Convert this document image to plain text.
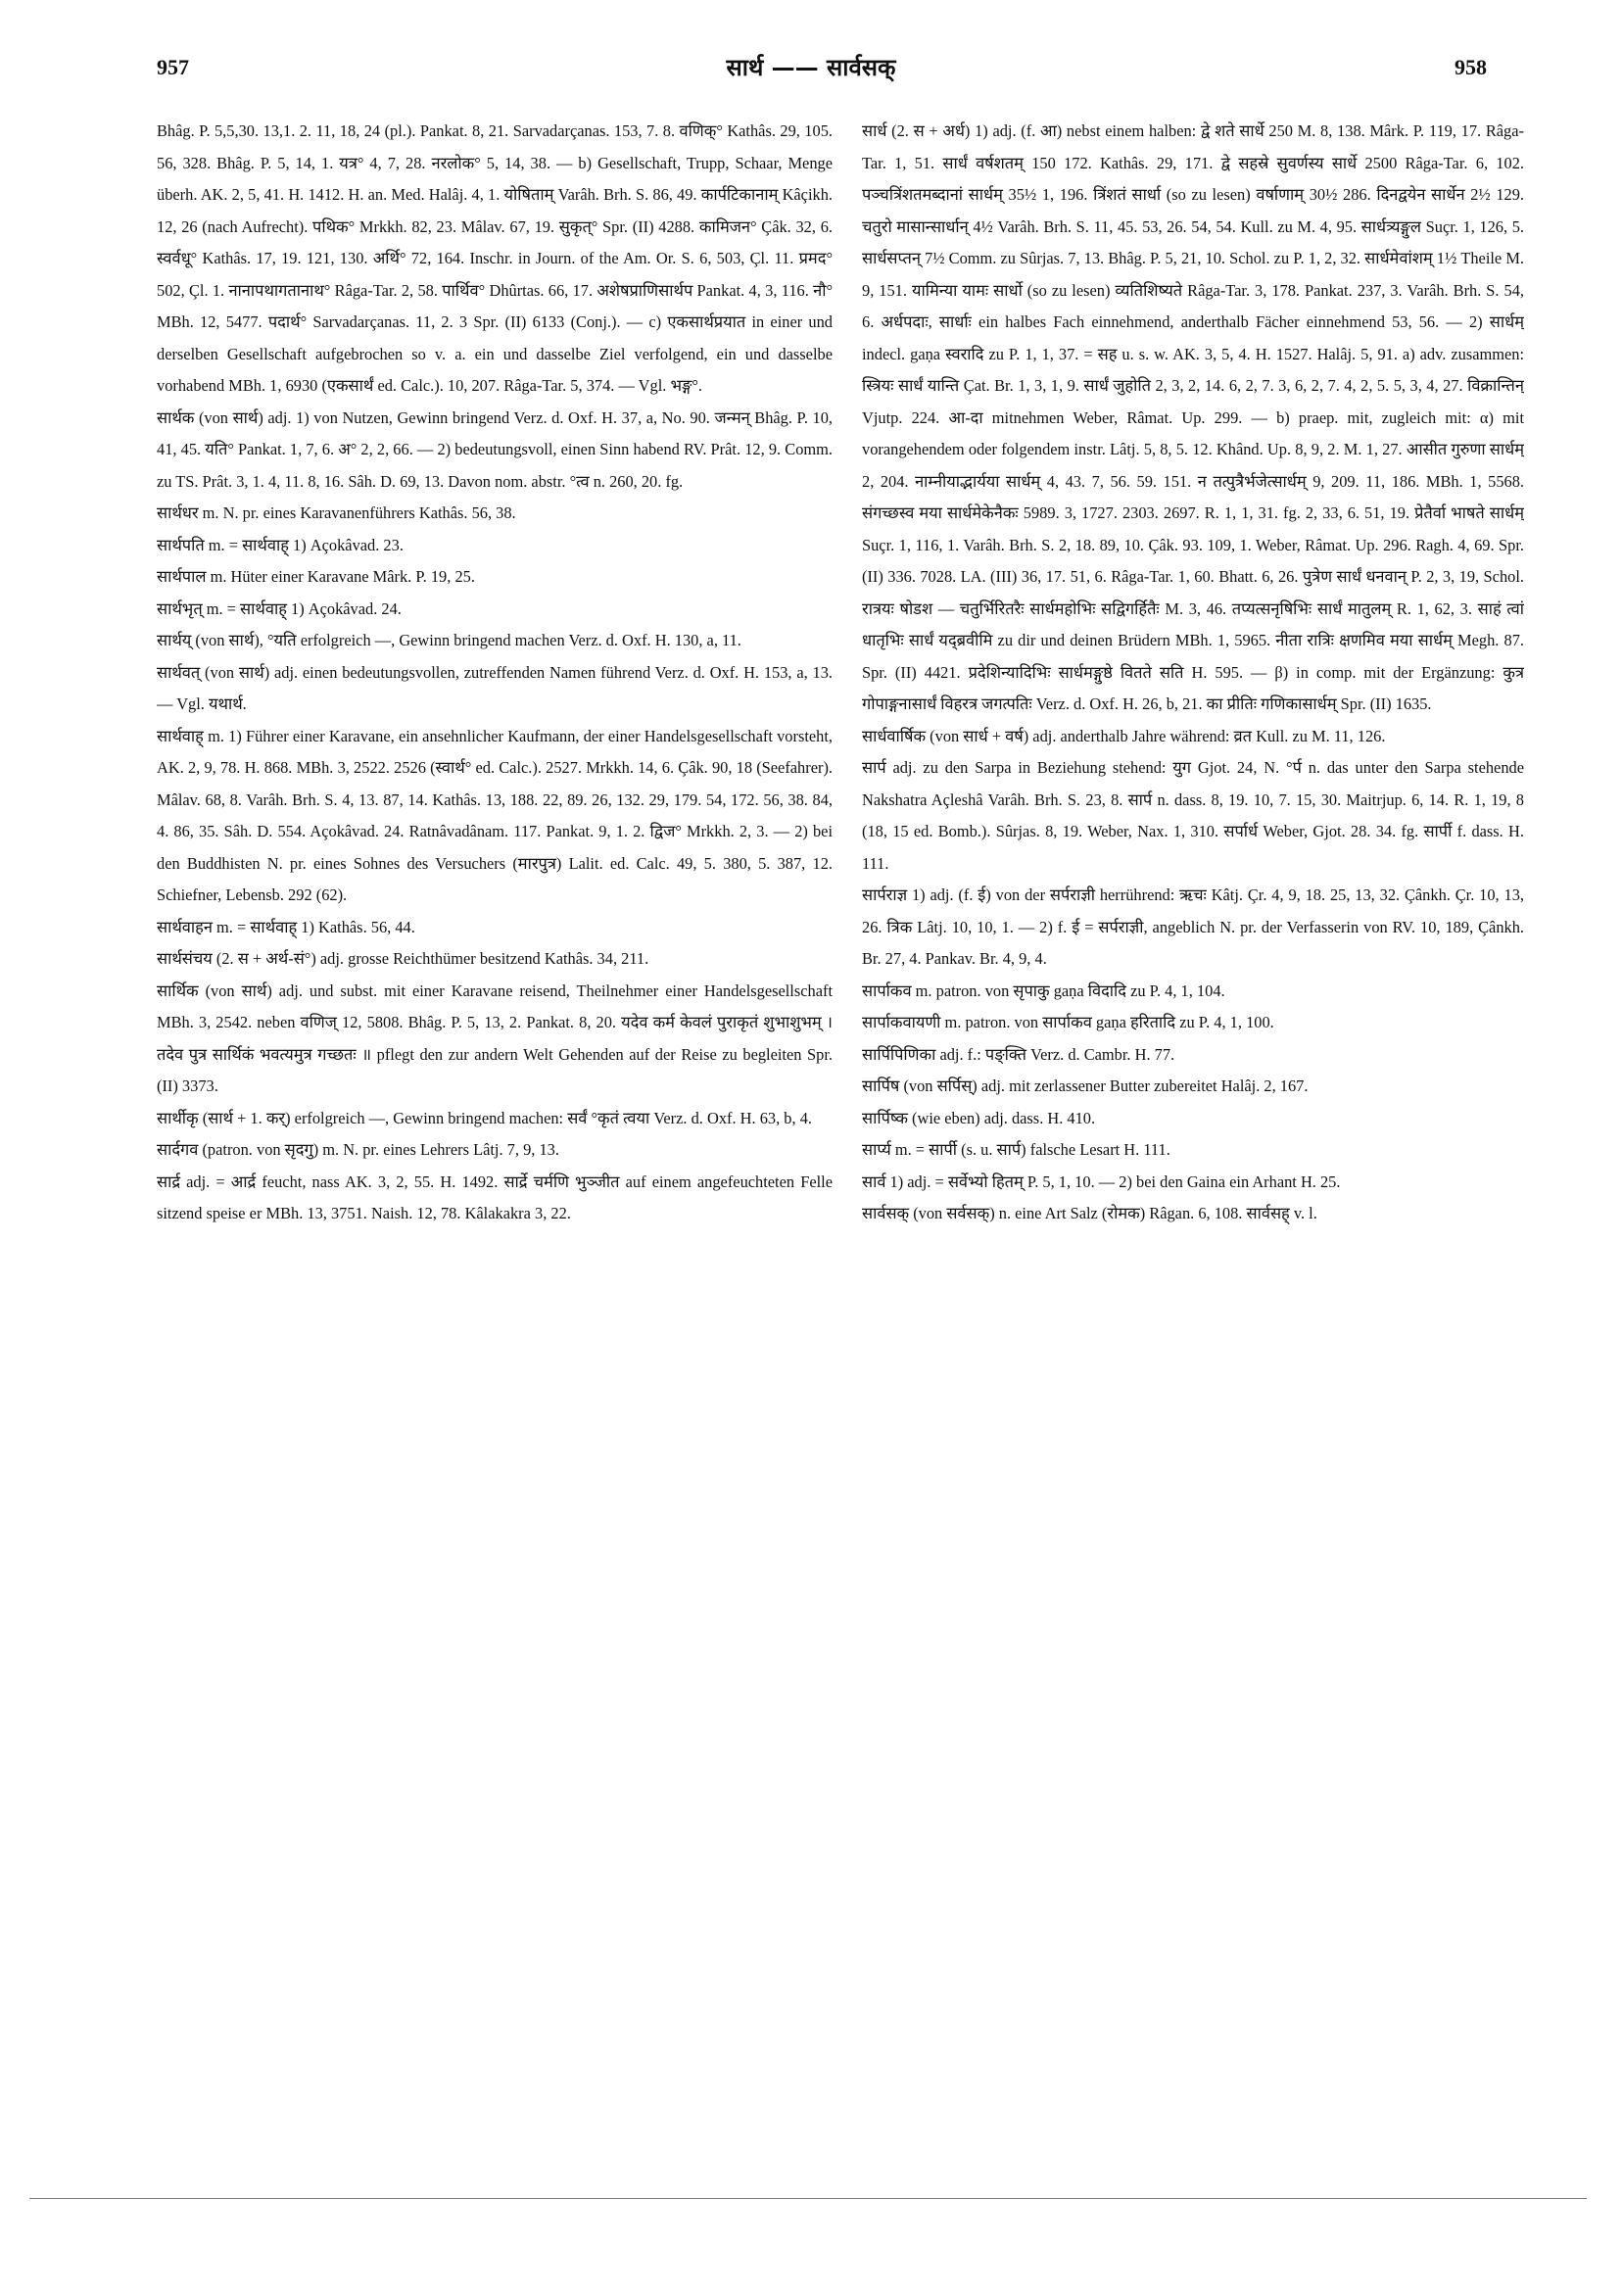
957	सार्थ —— सार्वसक्	958

Bhâg. P. 5,5,30. 13,1. 2. 11, 18, 24 (pl.). Pankat. 8, 21. Sarvadarçanas. 153, 7. 8. वणिक्° Kathâs. 29, 105. 56, 328. Bhâg. P. 5, 14, 1. यत्र° 4, 7, 28. नरलोक° 5, 14, 38. — b) Gesellschaft, Trupp, Schaar, Menge überh. AK. 2, 5, 41. H. 1412. H. an. Med. Halâj. 4, 1. योषिताम् Varâh. Brh. S. 86, 49. कार्पटिकानाम् Kâçikh. 12, 26 (nach Aufrecht). पथिक° Mrkkh. 82, 23. Mâlav. 67, 19. सुकृत्° Spr. (II) 4288. कामिजन° Çâk. 32, 6. स्वर्वधू° Kathâs. 17, 19. 121, 130. अर्थि° 72, 164. Inschr. in Journ. of the Am. Or. S. 6, 503, Çl. 11. प्रमद° 502, Çl. 1. नानापथागतानाथ° Râga-Tar. 2, 58. पार्थिव° Dhûrtas. 66, 17. अशेषप्राणिसार्थप Pankat. 4, 3, 116. नौ° MBh. 12, 5477. पदार्थ° Sarvadarçanas. 11, 2. 3 Spr. (II) 6133 (Conj.). — c) एकसार्थप्रयात in einer und derselben Gesellschaft aufgebrochen so v. a. ein und dasselbe Ziel verfolgend, ein und dasselbe vorhabend MBh. 1, 6930 (एकसार्थं ed. Calc.). 10, 207. Râga-Tar. 5, 374. — Vgl. भङ्ग°.

सार्थक (von सार्थ) adj. 1) von Nutzen, Gewinn bringend Verz. d. Oxf. H. 37, a, No. 90. जन्मन् Bhâg. P. 10, 41, 45. यति° Pankat. 1, 7, 6. अ° 2, 2, 66. — 2) bedeutungsvoll, einen Sinn habend RV. Prât. 12, 9. Comm. zu TS. Prât. 3, 1. 4, 11. 8, 16. Sâh. D. 69, 13. Davon nom. abstr. °त्व n. 260, 20. fg.

सार्थधर m. N. pr. eines Karavanenführers Kathâs. 56, 38.

सार्थपति m. = सार्थवाह् 1) Açokâvad. 23.

सार्थपाल m. Hüter einer Karavane Mârk. P. 19, 25.

सार्थभृत् m. = सार्थवाह् 1) Açokâvad. 24.

सार्थय् (von सार्थ), °यति erfolgreich —, Gewinn bringend machen Verz. d. Oxf. H. 130, a, 11.

सार्थवत् (von सार्थ) adj. einen bedeutungsvollen, zutreffenden Namen führend Verz. d. Oxf. H. 153, a, 13. — Vgl. यथार्थ.

सार्थवाह् m. 1) Führer einer Karavane, ein ansehnlicher Kaufmann, der einer Handelsgesellschaft vorsteht, AK. 2, 9, 78. H. 868. MBh. 3, 2522. 2526 (स्वार्थ° ed. Calc.). 2527. Mrkkh. 14, 6. Çâk. 90, 18 (Seefahrer). Mâlav. 68, 8. Varâh. Brh. S. 4, 13. 87, 14. Kathâs. 13, 188. 22, 89. 26, 132. 29, 179. 54, 172. 56, 38. 84, 4. 86, 35. Sâh. D. 554. Açokâvad. 24. Ratnâvadânam. 117. Pankat. 9, 1. 2. द्विज° Mrkkh. 2, 3. — 2) bei den Buddhisten N. pr. eines Sohnes des Versuchers (मारपुत्र) Lalit. ed. Calc. 49, 5. 380, 5. 387, 12. Schiefner, Lebensb. 292 (62).

सार्थवाहन m. = सार्थवाह् 1) Kathâs. 56, 44.

सार्थसंचय (2. स + अर्थ-सं°) adj. grosse Reichthümer besitzend Kathâs. 34, 211.

सार्थिक (von सार्थ) adj. und subst. mit einer Karavane reisend, Theilnehmer einer Handelsgesellschaft MBh. 3, 2542. neben वणिज् 12, 5808. Bhâg. P. 5, 13, 2. Pankat. 8, 20. यदेव कर्म केवलं पुराकृतं शुभाशुभम् । तदेव पुत्र सार्थिकं भवत्यमुत्र गच्छतः ॥ pflegt den zur andern Welt Gehenden auf der Reise zu begleiten Spr. (II) 3373.

सार्थीकृ (सार्थ + 1. कर्) erfolgreich —, Gewinn bringend machen: सर्वं °कृतं त्वया Verz. d. Oxf. H. 63, b, 4.

सार्दगव (patron. von सृदगु) m. N. pr. eines Lehrers Lâtj. 7, 9, 13.

सार्द्र adj. = आर्द्र feucht, nass AK. 3, 2, 55. H. 1492. सार्द्रे चर्मणि भुञ्जीत auf einem angefeuchteten Felle sitzend speise er MBh. 13, 3751. Naish. 12, 78. Kâlakakra 3, 22.

सार्ध (2. स + अर्ध) 1) adj. (f. आ) nebst einem halben: द्वे शते सार्धे 250 M. 8, 138. Mârk. P. 119, 17. Râga-Tar. 1, 51. सार्धं वर्षशतम् 150 172. Kathâs. 29, 171. द्वे सहस्रे सुवर्णस्य सार्धे 2500 Râga-Tar. 6, 102. पञ्चत्रिंशतमब्दानां सार्धम् 35½ 1, 196. त्रिंशतं सार्धा (so zu lesen) वर्षाणाम् 30½ 286. दिनद्वयेन सार्धेन 2½ 129. चतुरो मासान्सार्धान् 4½ Varâh. Brh. S. 11, 45. 53, 26. 54, 54. Kull. zu M. 4, 95. सार्धत्र्यङ्गुल Suçr. 1, 126, 5. सार्धसप्तन् 7½ Comm. zu Sûrjas. 7, 13. Bhâg. P. 5, 21, 10. Schol. zu P. 1, 2, 32. सार्धमेवांशम् 1½ Theile M. 9, 151. यामिन्या यामः सार्धो (so zu lesen) व्यतिशिष्यते Râga-Tar. 3, 178. Pankat. 237, 3. Varâh. Brh. S. 54, 6. अर्धपदाः, सार्धाः ein halbes Fach einnehmend, anderthalb Fächer einnehmend 53, 56. — 2) सार्धम् indecl. gaṇa स्वरादि zu P. 1, 1, 37. = सह u. s. w. AK. 3, 5, 4. H. 1527. Halâj. 5, 91. a) adv. zusammen: स्त्रियः सार्धं यान्ति Çat. Br. 1, 3, 1, 9. सार्धं जुहोति 2, 3, 2, 14. 6, 2, 7. 3, 6, 2, 7. 4, 2, 5. 5, 3, 4, 27. विक्रान्तिन् Vjutp. 224. आ-दा mitnehmen Weber, Râmat. Up. 299. — b) praep. mit, zugleich mit: α) mit vorangehendem oder folgendem instr. Lâtj. 5, 8, 5. 12. Khând. Up. 8, 9, 2. M. 1, 27. आसीत गुरुणा सार्धम् 2, 204. नाम्नीयाद्भार्यया सार्धम् 4, 43. 7, 56. 59. 151. न तत्पुत्रैर्भजेत्सार्धम् 9, 209. 11, 186. MBh. 1, 5568. संगच्छस्व मया सार्धमेकेनैकः 5989. 3, 1727. 2303. 2697. R. 1, 1, 31. fg. 2, 33, 6. 51, 19. प्रेतैर्वा भाषते सार्धम् Suçr. 1, 116, 1. Varâh. Brh. S. 2, 18. 89, 10. Çâk. 93. 109, 1. Weber, Râmat. Up. 296. Ragh. 4, 69. Spr. (II) 336. 7028. LA. (III) 36, 17. 51, 6. Râga-Tar. 1, 60. Bhatt. 6, 26. पुत्रेण सार्धं धनवान् P. 2, 3, 19, Schol. रात्रयः षोडश — चतुर्भिरितरैः सार्धमहोभिः सद्विगर्हितैः M. 3, 46. तप्यत्सनृषिभिः सार्धं मातुलम् R. 1, 62, 3. साहं त्वां धातृभिः सार्धं यद्ब्रवीमि zu dir und deinen Brüdern MBh. 1, 5965. नीता रात्रिः क्षणमिव मया सार्धम् Megh. 87. Spr. (II) 4421. प्रदेशिन्यादिभिः सार्धमङ्गुष्ठे वितते सति H. 595. — β) in comp. mit der Ergänzung: कुत्र गोपाङ्गनासार्धं विहरत्र जगत्पतिः Verz. d. Oxf. H. 26, b, 21. का प्रीतिः गणिकासार्धम् Spr. (II) 1635.

सार्धवार्षिक (von सार्ध + वर्ष) adj. anderthalb Jahre während: व्रत Kull. zu M. 11, 126.

सार्प adj. zu den Sarpa in Beziehung stehend: युग Gjot. 24, N. °र्प n. das unter den Sarpa stehende Nakshatra Açleshâ Varâh. Brh. S. 23, 8. सार्प n. dass. 8, 19. 10, 7. 15, 30. Maitrjup. 6, 14. R. 1, 19, 8 (18, 15 ed. Bomb.). Sûrjas. 8, 19. Weber, Nax. 1, 310. सर्पार्ध Weber, Gjot. 28. 34. fg. सार्पी f. dass. H. 111.

सार्पराज्ञ 1) adj. (f. ई) von der सर्पराज्ञी herrührend: ऋचः Kâtj. Çr. 4, 9, 18. 25, 13, 32. Çânkh. Çr. 10, 13, 26. त्रिक Lâtj. 10, 10, 1. — 2) f. ई = सर्पराज्ञी, angeblich N. pr. der Verfasserin von RV. 10, 189, Çânkh. Br. 27, 4. Pankav. Br. 4, 9, 4.

सार्पाकव m. patron. von सृपाकु gaṇa विदादि zu P. 4, 1, 104.

सार्पाकवायणी m. patron. von सार्पाकव gaṇa हरितादि zu P. 4, 1, 100.

सार्पिपिणिका adj. f.: पङ्क्ति Verz. d. Cambr. H. 77.

सार्पिष (von सर्पिस्) adj. mit zerlassener Butter zubereitet Halâj. 2, 167.

सार्पिष्क (wie eben) adj. dass. H. 410.

सार्प्य m. = सार्पी (s. u. सार्प) falsche Lesart H. 111.

सार्व 1) adj. = सर्वेभ्यो हितम् P. 5, 1, 10. — 2) bei den Gaina ein Arhant H. 25.

सार्वसक् (von सर्वसक्) n. eine Art Salz (रोमक) Râgan. 6, 108. सार्वसह् v. l.
